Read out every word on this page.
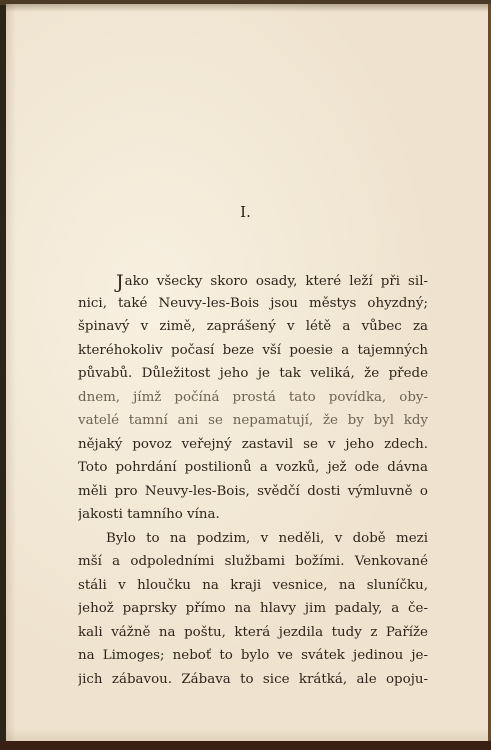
I.
Jako všecky skoro osady, které leží při sil-
nici, také Neuvy-les-Bois jsou městys ohyzdný;
špinavý v zimě, zaprášený v létě a vůbec za
kteréhokoliv počasí beze vší poesie a tajemných
půvabů. Důležitost jeho je tak veliká, že přede
dnem, jímž počíná prostá tato povídka, oby-
vatelé tamní ani se nepamatují, že by byl kdy
nějaký povoz veřejný zastavil se v jeho zdech.
Toto pohrdání postilionů a vozků, jež ode dávna
měli pro Neuvy-les-Bois, svědčí dosti výmluvně o
jakosti tamního vína.
Bylo to na podzim, v neděli, v době mezi
mší a odpoledními službami božími. Venkované
stáli v hloučku na kraji vesnice, na sluníčku,
jehož paprsky přímo na hlavy jim padaly, a če-
kali vážně na poštu, která jezdila tudy z Paříže
na Limoges; neboť to bylo ve svátek jedinou je-
jich zábavou. Zábava to sice krátká, ale opoju-
